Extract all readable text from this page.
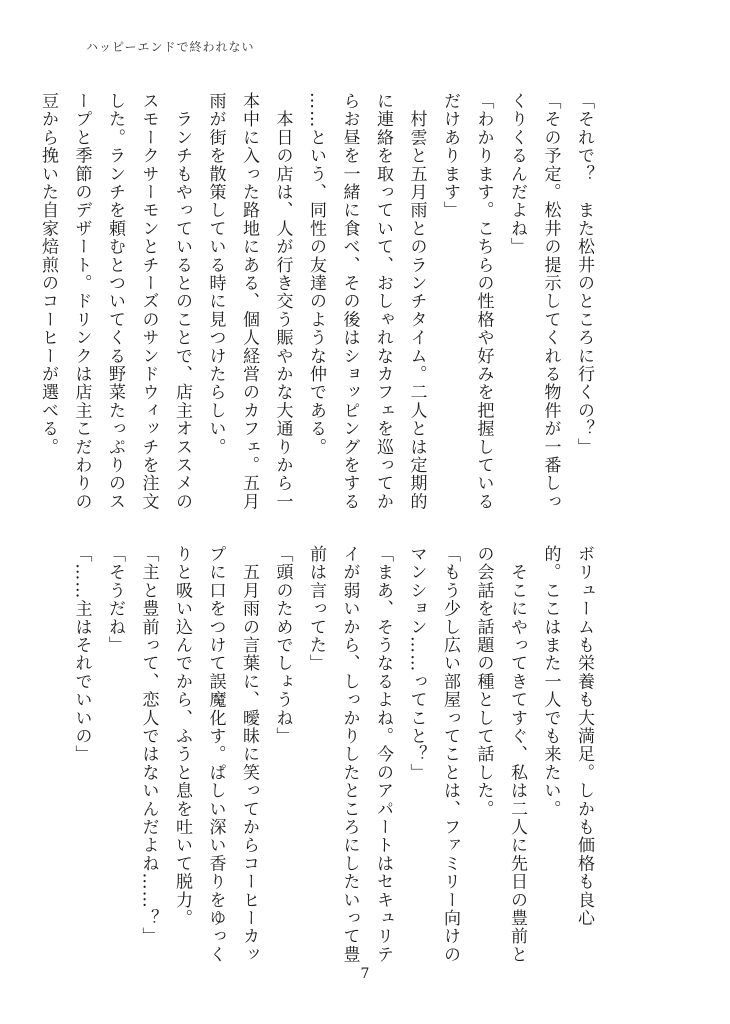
ハッピーエンドで終われない
「それで？　また松井のところに行くの？」
「その予定。松井の提示してくれる物件が一番しっ
くりくるんだよね」
「わかります。こちらの性格や好みを把握している
だけあります」
　村雲と五月雨とのランチタイム。二人とは定期的
に連絡を取っていて、おしゃれなカフェを巡ってか
らお昼を一緒に食べ、その後はショッピングをする
……という、同性の友達のような仲である。
　本日の店は、人が行き交う賑やかな大通りから一
本中に入った路地にある、個人経営のカフェ。五月
雨が街を散策している時に見つけたらしい。
　ランチもやっているとのことで、店主オススメの
スモークサーモンとチーズのサンドウィッチを注文
した。ランチを頼むとついてくる野菜たっぷりのス
ープと季節のデザート。ドリンクは店主こだわりの
豆から挽いた自家焙煎のコーヒーが選べる。
ボリュームも栄養も大満足。しかも価格も良心
的。ここはまた一人でも来たい。
　そこにやってきてすぐ、私は二人に先日の豊前と
の会話を話題の種として話した。
「もう少し広い部屋ってことは、ファミリー向けの
マンション……ってこと？」
「まあ、そうなるよね。今のアパートはセキュリテ
イが弱いから、しっかりしたところにしたいって豊
前は言ってた」
「頭のためでしょうね」
　五月雨の言葉に、曖昧に笑ってからコーヒーカッ
プに口をつけて誤魔化す。ぱしい深い香りをゆっく
りと吸い込んでから、ふうと息を吐いて脱力。
「主と豊前って、恋人ではないんだよね……？」
「そうだね」
「……主はそれでいいの」
7
